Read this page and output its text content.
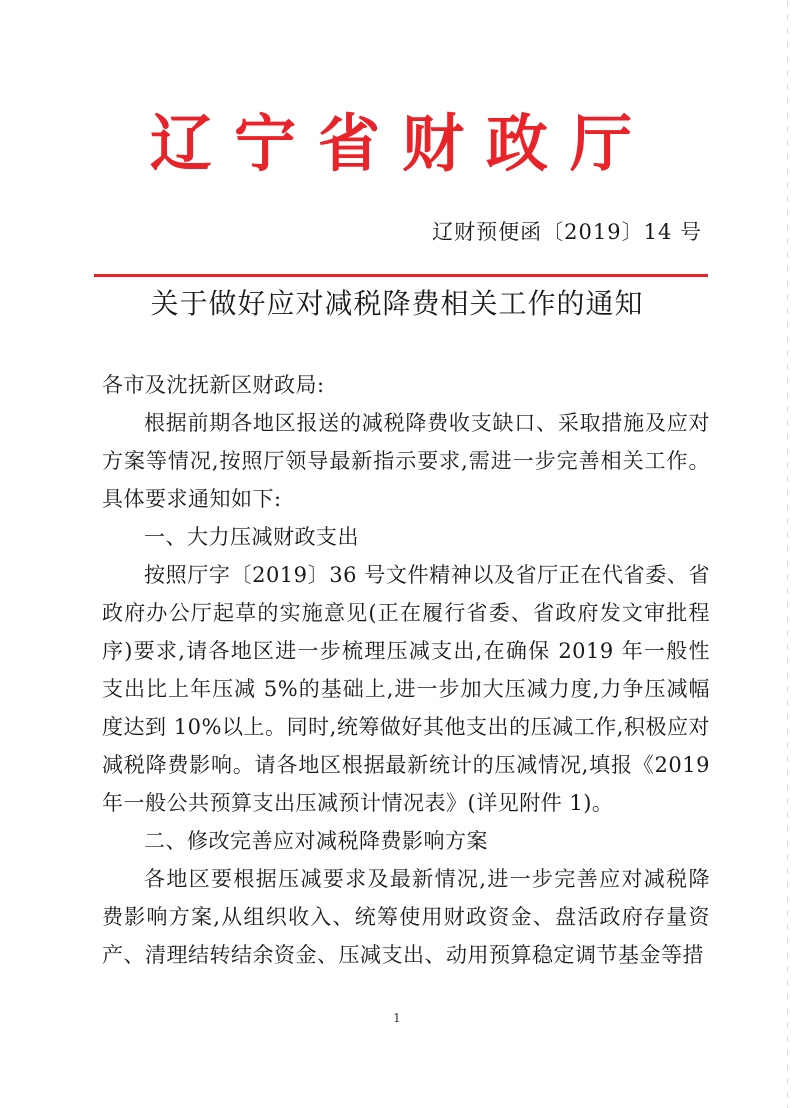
辽宁省财政厅
辽财预便函〔2019〕14 号
关于做好应对减税降费相关工作的通知

各市及沈抚新区财政局:

根据前期各地区报送的减税降费收支缺口、采取措施及应对方案等情况,按照厅领导最新指示要求,需进一步完善相关工作。具体要求通知如下:

一、大力压减财政支出

按照厅字〔2019〕36 号文件精神以及省厅正在代省委、省政府办公厅起草的实施意见(正在履行省委、省政府发文审批程序)要求,请各地区进一步梳理压减支出,在确保 2019 年一般性支出比上年压减 5%的基础上,进一步加大压减力度,力争压减幅度达到 10%以上。同时,统筹做好其他支出的压减工作,积极应对减税降费影响。请各地区根据最新统计的压减情况,填报《2019 年一般公共预算支出压减预计情况表》(详见附件 1)。

二、修改完善应对减税降费影响方案

各地区要根据压减要求及最新情况,进一步完善应对减税降费影响方案,从组织收入、统筹使用财政资金、盘活政府存量资产、清理结转结余资金、压减支出、动用预算稳定调节基金等措

1
